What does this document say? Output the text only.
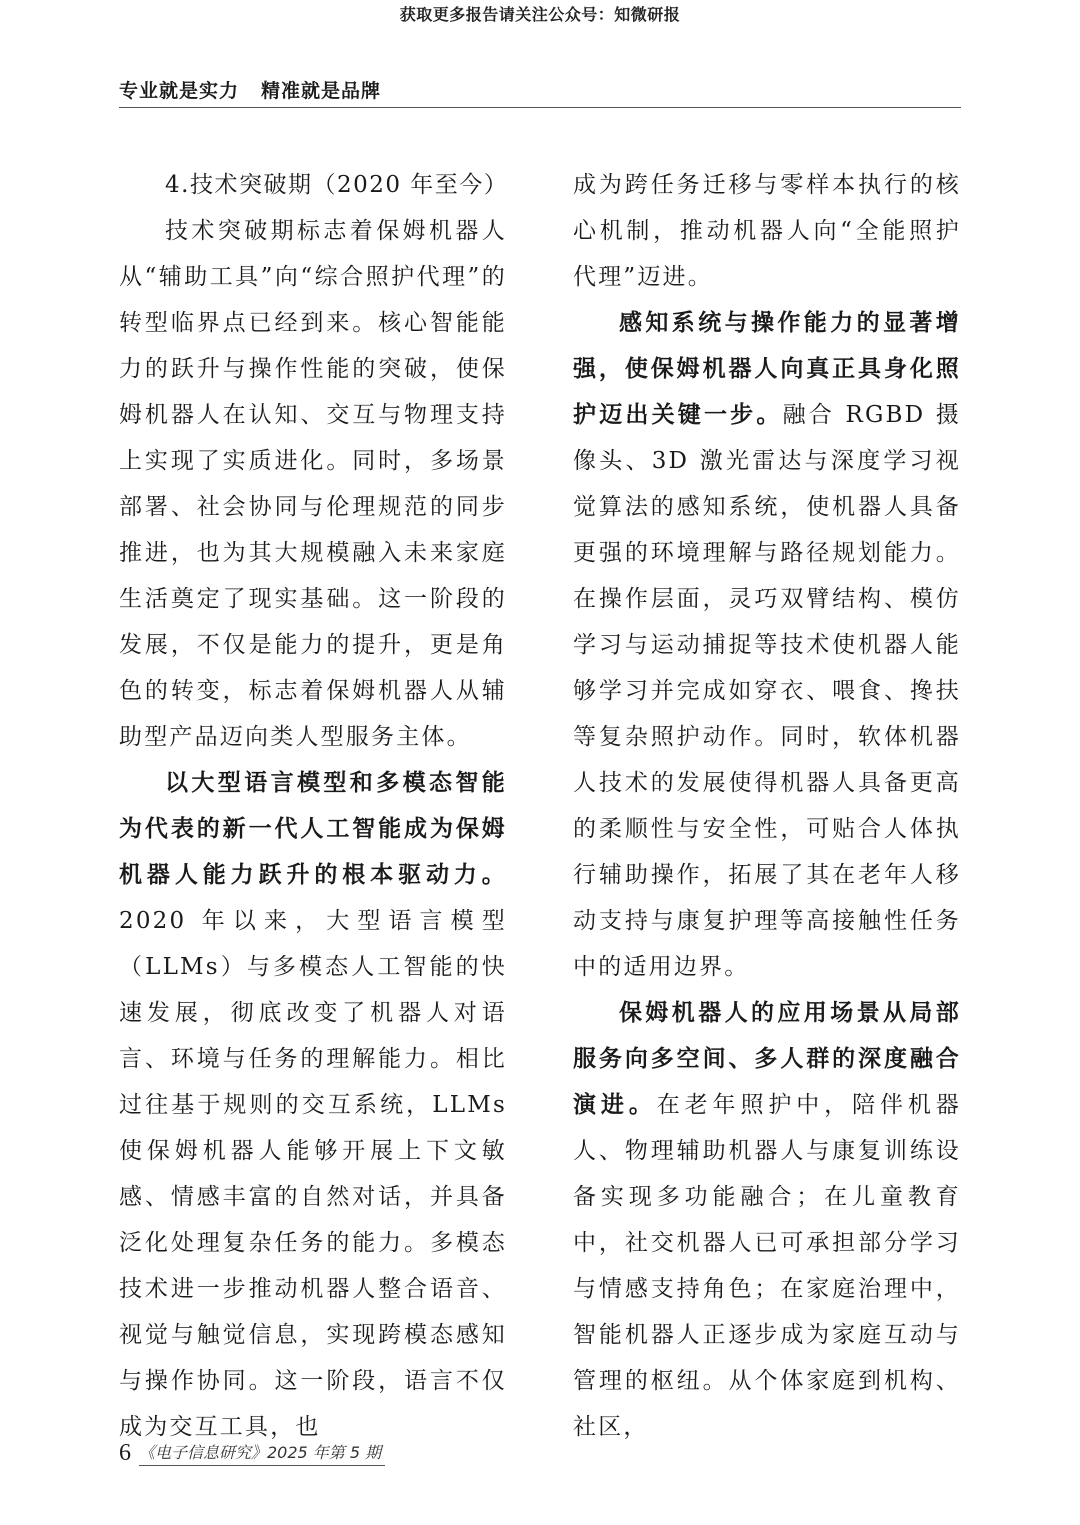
获取更多报告请关注公众号：知微研报
专业就是实力 精准就是品牌
4.技术突破期（2020 年至今）

技术突破期标志着保姆机器人从“辅助工具”向“综合照护代理”的转型临界点已经到来。核心智能能力的跃升与操作性能的突破，使保姆机器人在认知、交互与物理支持上实现了实质进化。同时，多场景部署、社会协同与伦理规范的同步推进，也为其大规模融入未来家庭生活奠定了现实基础。这一阶段的发展，不仅是能力的提升，更是角色的转变，标志着保姆机器人从辅助型产品迈向类人型服务主体。

以大型语言模型和多模态智能为代表的新一代人工智能成为保姆机器人能力跃升的根本驱动力。2020 年以来，大型语言模型（LLMs）与多模态人工智能的快速发展，彻底改变了机器人对语言、环境与任务的理解能力。相比过往基于规则的交互系统，LLMs 使保姆机器人能够开展上下文敏感、情感丰富的自然对话，并具备泛化处理复杂任务的能力。多模态技术进一步推动机器人整合语音、视觉与触觉信息，实现跨模态感知与操作协同。这一阶段，语言不仅成为交互工具，也

成为跨任务迁移与零样本执行的核心机制，推动机器人向“全能照护代理”迈进。

感知系统与操作能力的显著增强，使保姆机器人向真正具身化照护迈出关键一步。融合 RGBD 摄像头、3D 激光雷达与深度学习视觉算法的感知系统，使机器人具备更强的环境理解与路径规划能力。在操作层面，灵巧双臂结构、模仿学习与运动捕捉等技术使机器人能够学习并完成如穿衣、喂食、搀扶等复杂照护动作。同时，软体机器人技术的发展使得机器人具备更高的柔顺性与安全性，可贴合人体执行辅助操作，拓展了其在老年人移动支持与康复护理等高接触性任务中的适用边界。

保姆机器人的应用场景从局部服务向多空间、多人群的深度融合演进。在老年照护中，陪伴机器人、物理辅助机器人与康复训练设备实现多功能融合；在儿童教育中，社交机器人已可承担部分学习与情感支持角色；在家庭治理中，智能机器人正逐步成为家庭互动与管理的枢纽。从个体家庭到机构、社区，

6 《电子信息研究》2025 年第 5 期
